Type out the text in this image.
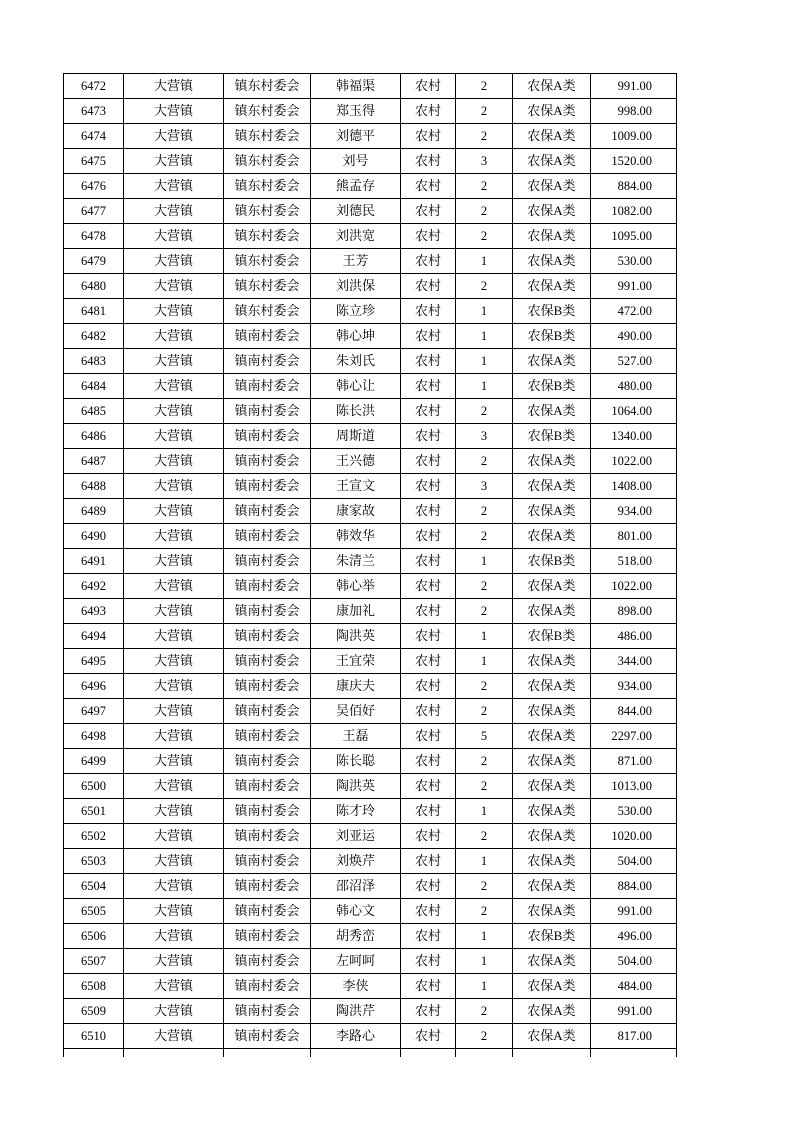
6472	大营镇	镇东村委会	韩福渠	农村	2	农保A类	991.00
6473	大营镇	镇东村委会	郑玉得	农村	2	农保A类	998.00
6474	大营镇	镇东村委会	刘德平	农村	2	农保A类	1009.00
6475	大营镇	镇东村委会	刘号	农村	3	农保A类	1520.00
6476	大营镇	镇东村委会	熊孟存	农村	2	农保A类	884.00
6477	大营镇	镇东村委会	刘德民	农村	2	农保A类	1082.00
6478	大营镇	镇东村委会	刘洪宽	农村	2	农保A类	1095.00
6479	大营镇	镇东村委会	王芳	农村	1	农保A类	530.00
6480	大营镇	镇东村委会	刘洪保	农村	2	农保A类	991.00
6481	大营镇	镇东村委会	陈立珍	农村	1	农保B类	472.00
6482	大营镇	镇南村委会	韩心坤	农村	1	农保B类	490.00
6483	大营镇	镇南村委会	朱刘氏	农村	1	农保A类	527.00
6484	大营镇	镇南村委会	韩心让	农村	1	农保B类	480.00
6485	大营镇	镇南村委会	陈长洪	农村	2	农保A类	1064.00
6486	大营镇	镇南村委会	周斯道	农村	3	农保B类	1340.00
6487	大营镇	镇南村委会	王兴德	农村	2	农保A类	1022.00
6488	大营镇	镇南村委会	王宣文	农村	3	农保A类	1408.00
6489	大营镇	镇南村委会	康家故	农村	2	农保A类	934.00
6490	大营镇	镇南村委会	韩效华	农村	2	农保A类	801.00
6491	大营镇	镇南村委会	朱清兰	农村	1	农保B类	518.00
6492	大营镇	镇南村委会	韩心举	农村	2	农保A类	1022.00
6493	大营镇	镇南村委会	康加礼	农村	2	农保A类	898.00
6494	大营镇	镇南村委会	陶洪英	农村	1	农保B类	486.00
6495	大营镇	镇南村委会	王宜荣	农村	1	农保A类	344.00
6496	大营镇	镇南村委会	康庆夫	农村	2	农保A类	934.00
6497	大营镇	镇南村委会	吴佰好	农村	2	农保A类	844.00
6498	大营镇	镇南村委会	王磊	农村	5	农保A类	2297.00
6499	大营镇	镇南村委会	陈长聪	农村	2	农保A类	871.00
6500	大营镇	镇南村委会	陶洪英	农村	2	农保A类	1013.00
6501	大营镇	镇南村委会	陈才玲	农村	1	农保A类	530.00
6502	大营镇	镇南村委会	刘亚运	农村	2	农保A类	1020.00
6503	大营镇	镇南村委会	刘焕芹	农村	1	农保A类	504.00
6504	大营镇	镇南村委会	邵沼泽	农村	2	农保A类	884.00
6505	大营镇	镇南村委会	韩心文	农村	2	农保A类	991.00
6506	大营镇	镇南村委会	胡秀峦	农村	1	农保B类	496.00
6507	大营镇	镇南村委会	左呵呵	农村	1	农保A类	504.00
6508	大营镇	镇南村委会	李侠	农村	1	农保A类	484.00
6509	大营镇	镇南村委会	陶洪芹	农村	2	农保A类	991.00
6510	大营镇	镇南村委会	李路心	农村	2	农保A类	817.00
